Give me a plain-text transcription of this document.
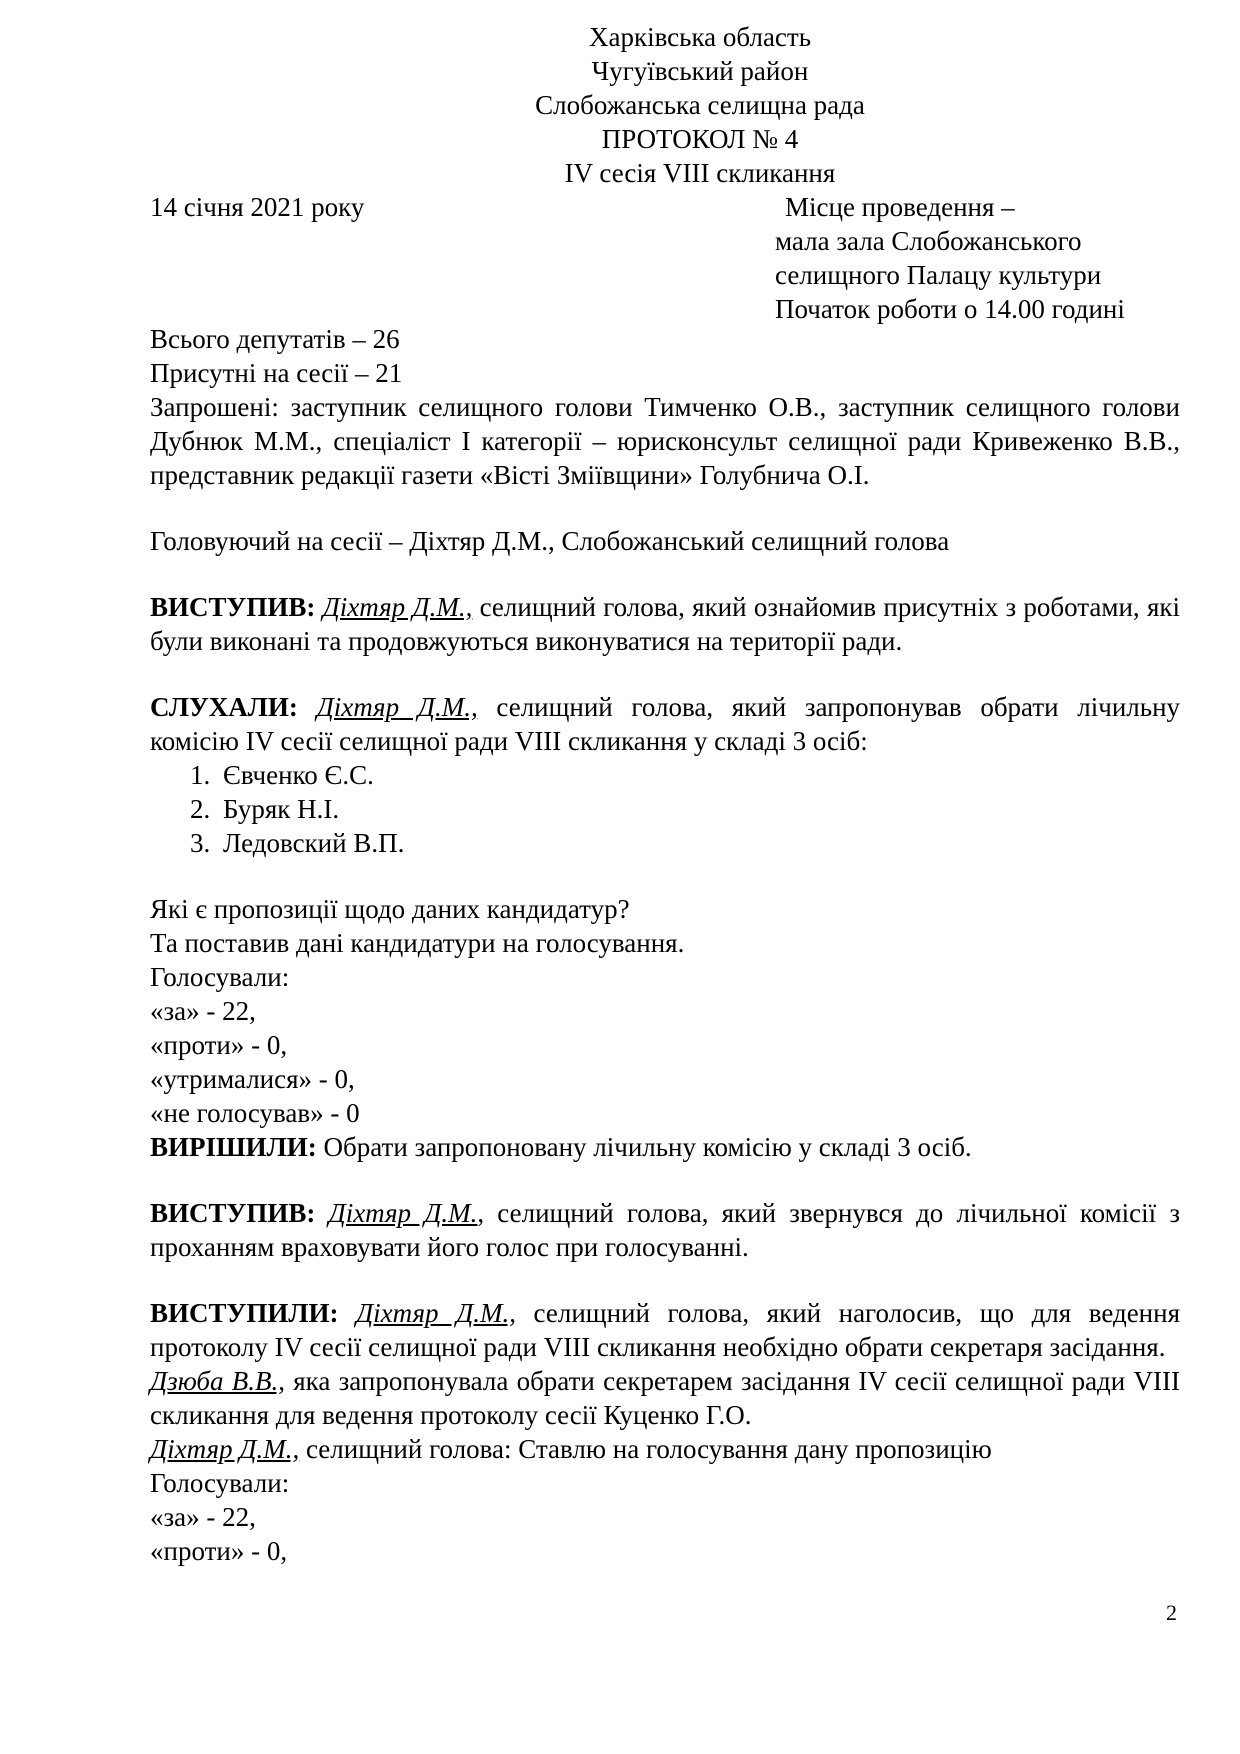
Харківська область
Чугуївський район
Слобожанська селищна рада
ПРОТОКОЛ № 4
IV сесія VIII скликання
14 січня 2021 року	Місце проведення –
мала зала Слобожанського
селищного Палацу культури
Початок роботи о 14.00 годині

Всього депутатів – 26

Присутні на сесії – 21

Запрошені: заступник селищного голови Тимченко О.В., заступник селищного голови Дубнюк М.М., спеціаліст І категорії – юрисконсульт селищної ради Кривеженко В.В., представник редакції газети «Вісті Зміївщини» Голубнича О.І.

Головуючий на сесії – Діхтяр Д.М., Слобожанський селищний голова

ВИСТУПИВ: Діхтяр Д.М., селищний голова, який ознайомив присутніх з роботами, які були виконані та продовжуються виконуватися на території ради.

СЛУХАЛИ: Діхтяр Д.М., селищний голова, який запропонував обрати лічильну комісію IV сесії селищної ради VIII скликання у складі 3 осіб:

1. Євченко Є.С.
2. Буряк Н.І.
3. Ледовский В.П.

Які є пропозиції щодо даних кандидатур?

Та поставив дані кандидатури на голосування.

Голосували:

«за» - 22,

«проти» - 0,

«утрималися» - 0,

«не голосував» - 0

ВИРІШИЛИ: Обрати запропоновану лічильну комісію у складі 3 осіб.

ВИСТУПИВ: Діхтяр Д.М., селищний голова, який звернувся до лічильної комісії з проханням враховувати його голос при голосуванні.

ВИСТУПИЛИ: Діхтяр Д.М., селищний голова, який наголосив, що для ведення протоколу IV сесії селищної ради VIII скликання необхідно обрати секретаря засідання.

Дзюба В.В., яка запропонувала обрати секретарем засідання IV сесії селищної ради VIII скликання для ведення протоколу сесії Куценко Г.О.

Діхтяр Д.М., селищний голова: Ставлю на голосування дану пропозицію

Голосували:

«за» - 22,

«проти» - 0,

2
